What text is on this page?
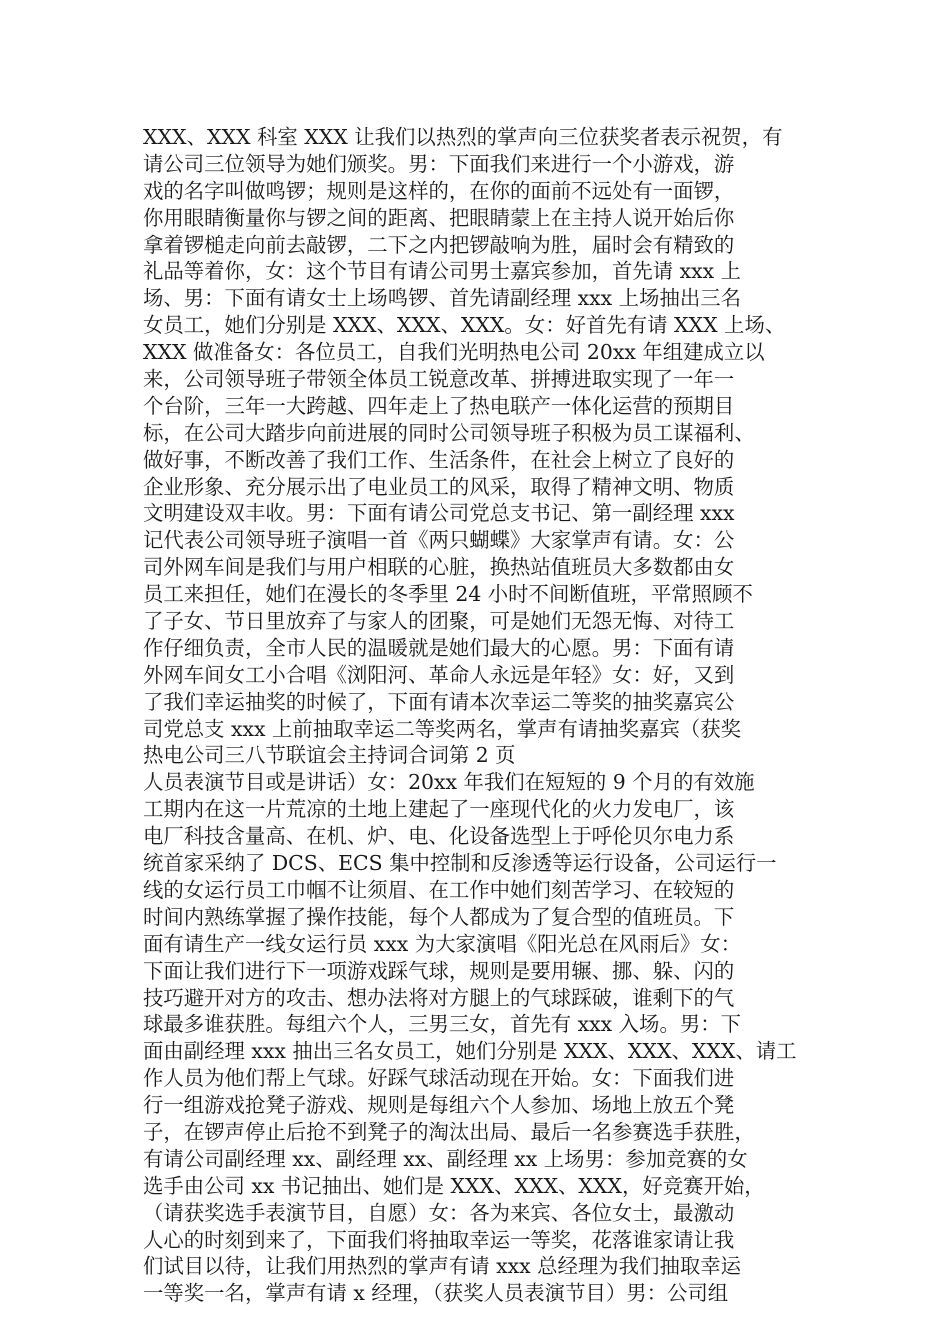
XXX、XXX 科室 XXX 让我们以热烈的掌声向三位获奖者表示祝贺，有
请公司三位领导为她们颁奖。男：下面我们来进行一个小游戏，游
戏的名字叫做鸣锣；规则是这样的，在你的面前不远处有一面锣，
你用眼睛衡量你与锣之间的距离、把眼睛蒙上在主持人说开始后你
拿着锣槌走向前去敲锣，二下之内把锣敲响为胜，届时会有精致的
礼品等着你，女：这个节目有请公司男士嘉宾参加，首先请 xxx 上
场、男：下面有请女士上场鸣锣、首先请副经理 xxx 上场抽出三名
女员工，她们分别是 XXX、XXX、XXX。女：好首先有请 XXX 上场、
XXX 做准备女：各位员工，自我们光明热电公司 20xx 年组建成立以
来，公司领导班子带领全体员工锐意改革、拼搏进取实现了一年一
个台阶，三年一大跨越、四年走上了热电联产一体化运营的预期目
标，在公司大踏步向前进展的同时公司领导班子积极为员工谋福利、
做好事，不断改善了我们工作、生活条件，在社会上树立了良好的
企业形象、充分展示出了电业员工的风采，取得了精神文明、物质
文明建设双丰收。男：下面有请公司党总支书记、第一副经理 xxx
记代表公司领导班子演唱一首《两只蝴蝶》大家掌声有请。女：公
司外网车间是我们与用户相联的心脏，换热站值班员大多数都由女
员工来担任，她们在漫长的冬季里 24 小时不间断值班，平常照顾不
了子女、节日里放弃了与家人的团聚，可是她们无怨无悔、对待工
作仔细负责，全市人民的温暖就是她们最大的心愿。男：下面有请
外网车间女工小合唱《浏阳河、革命人永远是年轻》女：好，又到
了我们幸运抽奖的时候了，下面有请本次幸运二等奖的抽奖嘉宾公
司党总支 xxx 上前抽取幸运二等奖两名，掌声有请抽奖嘉宾（获奖
热电公司三八节联谊会主持词合词第 2 页
人员表演节目或是讲话）女：20xx 年我们在短短的 9 个月的有效施
工期内在这一片荒凉的土地上建起了一座现代化的火力发电厂，该
电厂科技含量高、在机、炉、电、化设备选型上于呼伦贝尔电力系
统首家采纳了 DCS、ECS 集中控制和反渗透等运行设备，公司运行一
线的女运行员工巾帼不让须眉、在工作中她们刻苦学习、在较短的
时间内熟练掌握了操作技能，每个人都成为了复合型的值班员。下
面有请生产一线女运行员 xxx 为大家演唱《阳光总在风雨后》女：
下面让我们进行下一项游戏踩气球，规则是要用辗、挪、躲、闪的
技巧避开对方的攻击、想办法将对方腿上的气球踩破，谁剩下的气
球最多谁获胜。每组六个人，三男三女，首先有 xxx 入场。男：下
面由副经理 xxx 抽出三名女员工，她们分别是 XXX、XXX、XXX、请工
作人员为他们帮上气球。好踩气球活动现在开始。女：下面我们进
行一组游戏抢凳子游戏、规则是每组六个人参加、场地上放五个凳
子，在锣声停止后抢不到凳子的淘汰出局、最后一名参赛选手获胜，
有请公司副经理 xx、副经理 xx、副经理 xx 上场男：参加竞赛的女
选手由公司 xx 书记抽出、她们是 XXX、XXX、XXX，好竞赛开始，
（请获奖选手表演节目，自愿）女：各为来宾、各位女士，最激动
人心的时刻到来了，下面我们将抽取幸运一等奖，花落谁家请让我
们试目以待，让我们用热烈的掌声有请 xxx 总经理为我们抽取幸运
一等奖一名，掌声有请 x 经理，（获奖人员表演节目）男：公司组
